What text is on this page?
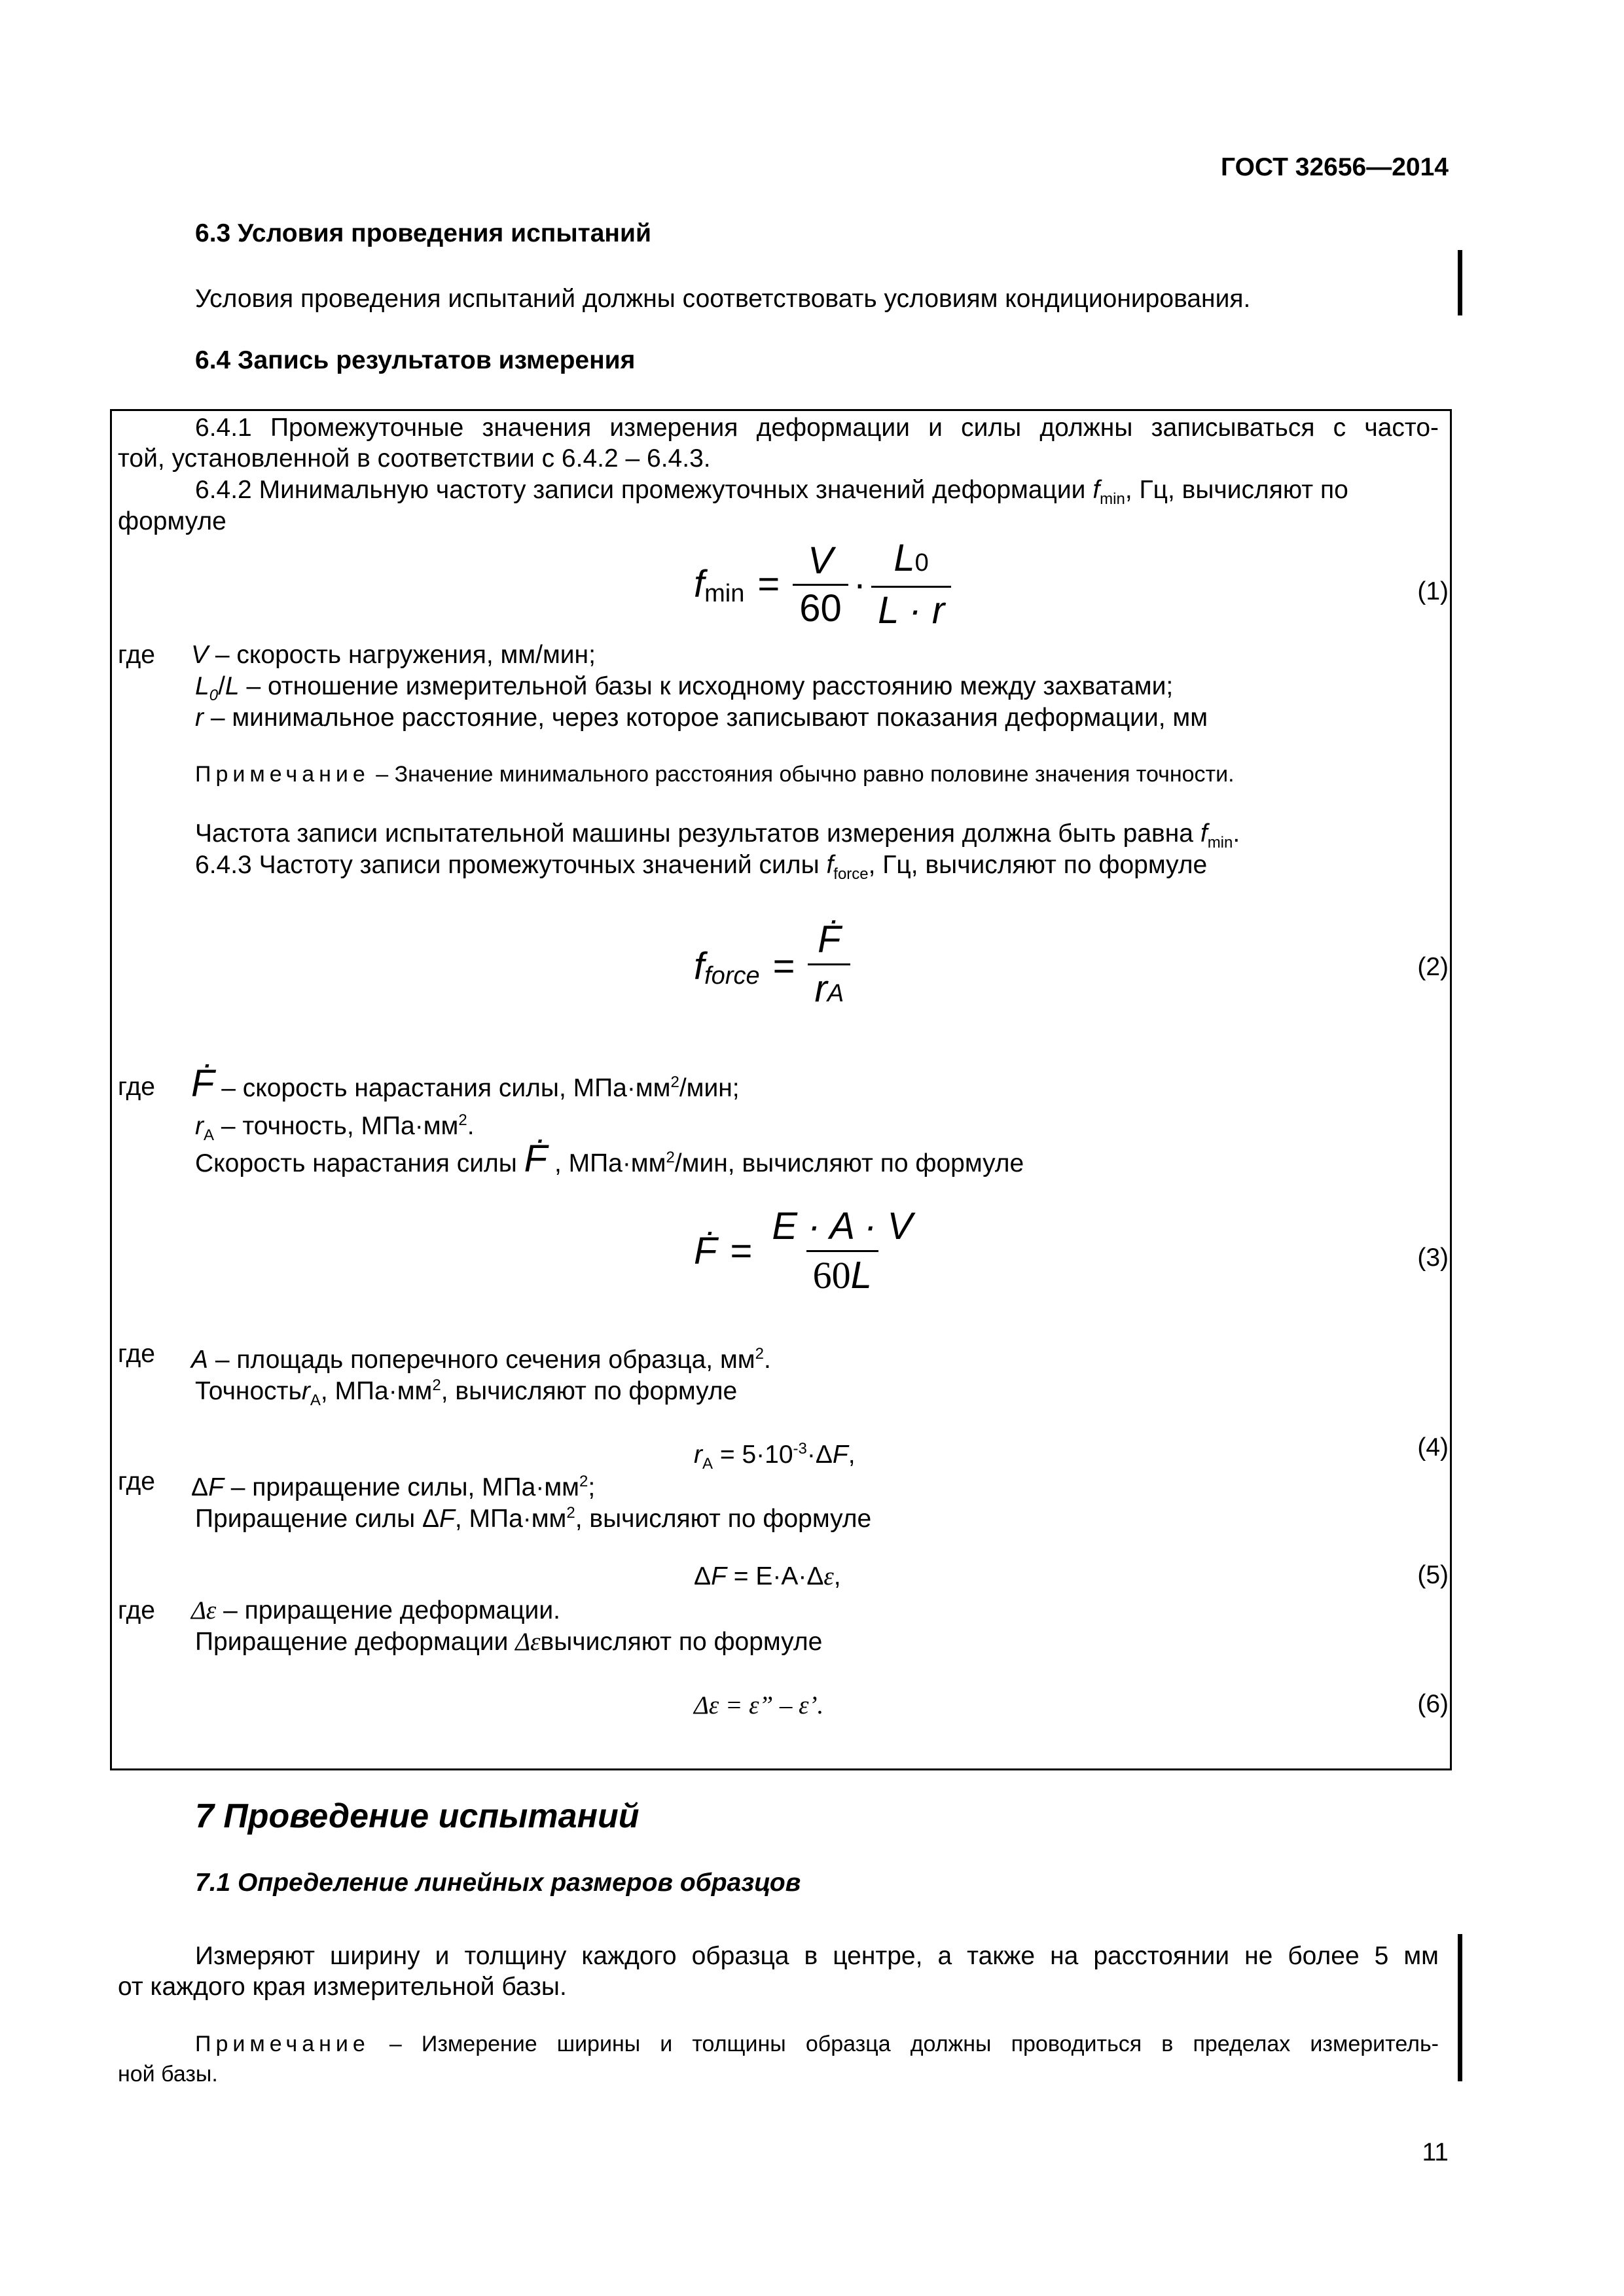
ГОСТ 32656—2014
6.3 Условия проведения испытаний
Условия проведения испытаний должны соответствовать условиям кондиционирования.
6.4 Запись результатов измерения
6.4.1 Промежуточные значения измерения деформации и силы должны записываться с часто-
той, установленной в соответствии с 6.4.2 – 6.4.3.
6.4.2 Минимальную частоту записи промежуточных значений деформации $f_{min}$, Гц, вычисляют по
формуле
f $\min = \frac{V}{60} \cdot \frac{L0}{L \cdot r}$	(1)
где V – скорость нагружения, мм/мин;
$L_0/L$ – отношение измерительной базы к исходному расстоянию между захватами;
r – минимальное расстояние, через которое записывают показания деформации, мм
Примечание – Значение минимального расстояния обычно равно половине значения точности.
Частота записи испытательной машины результатов измерения должна быть равна $f_{min}$.
6.4.3 Частоту записи промежуточных значений силы $f_{force}$, Гц, вычисляют по формуле
f force = $\frac{\text{Ḟ}}{rA}$	(2)
где Ḟ – скорость нарастания силы, $МПа\cdot мм^2$/мин;
$r_A$ – точность, $МПа\cdot мм^2$.
Скорость нарастания силы Ḟ , $МПа\cdot мм^2$/мин, вычисляют по формуле
Ḟ = $\frac{E \cdot A \cdot V}{60L}$	(3)
где A – площадь поперечного сечения образца, $мм^2$.
Точностьr$_A$, $МПа\cdot мм^2$, вычисляют по формуле
$r_A = 5\cdot 10^{-3}\cdot\Delta F$,	(4)
где ΔF – приращение силы, $МПа\cdot мм^2$;
Приращение силы ΔF, $МПа\cdot мм^2$, вычисляют по формуле
ΔF = E·A·Δε,	(5)
где Δε – приращение деформации.
Приращение деформации Δεвычисляют по формуле
Δε = ε” – ε’.	(6)
7 Проведение испытаний
7.1 Определение линейных размеров образцов
Измеряют ширину и толщину каждого образца в центре, а также на расстоянии не более 5 мм
от каждого края измерительной базы.
Примечание – Измерение ширины и толщины образца должны проводиться в пределах измеритель-
ной базы.
11
